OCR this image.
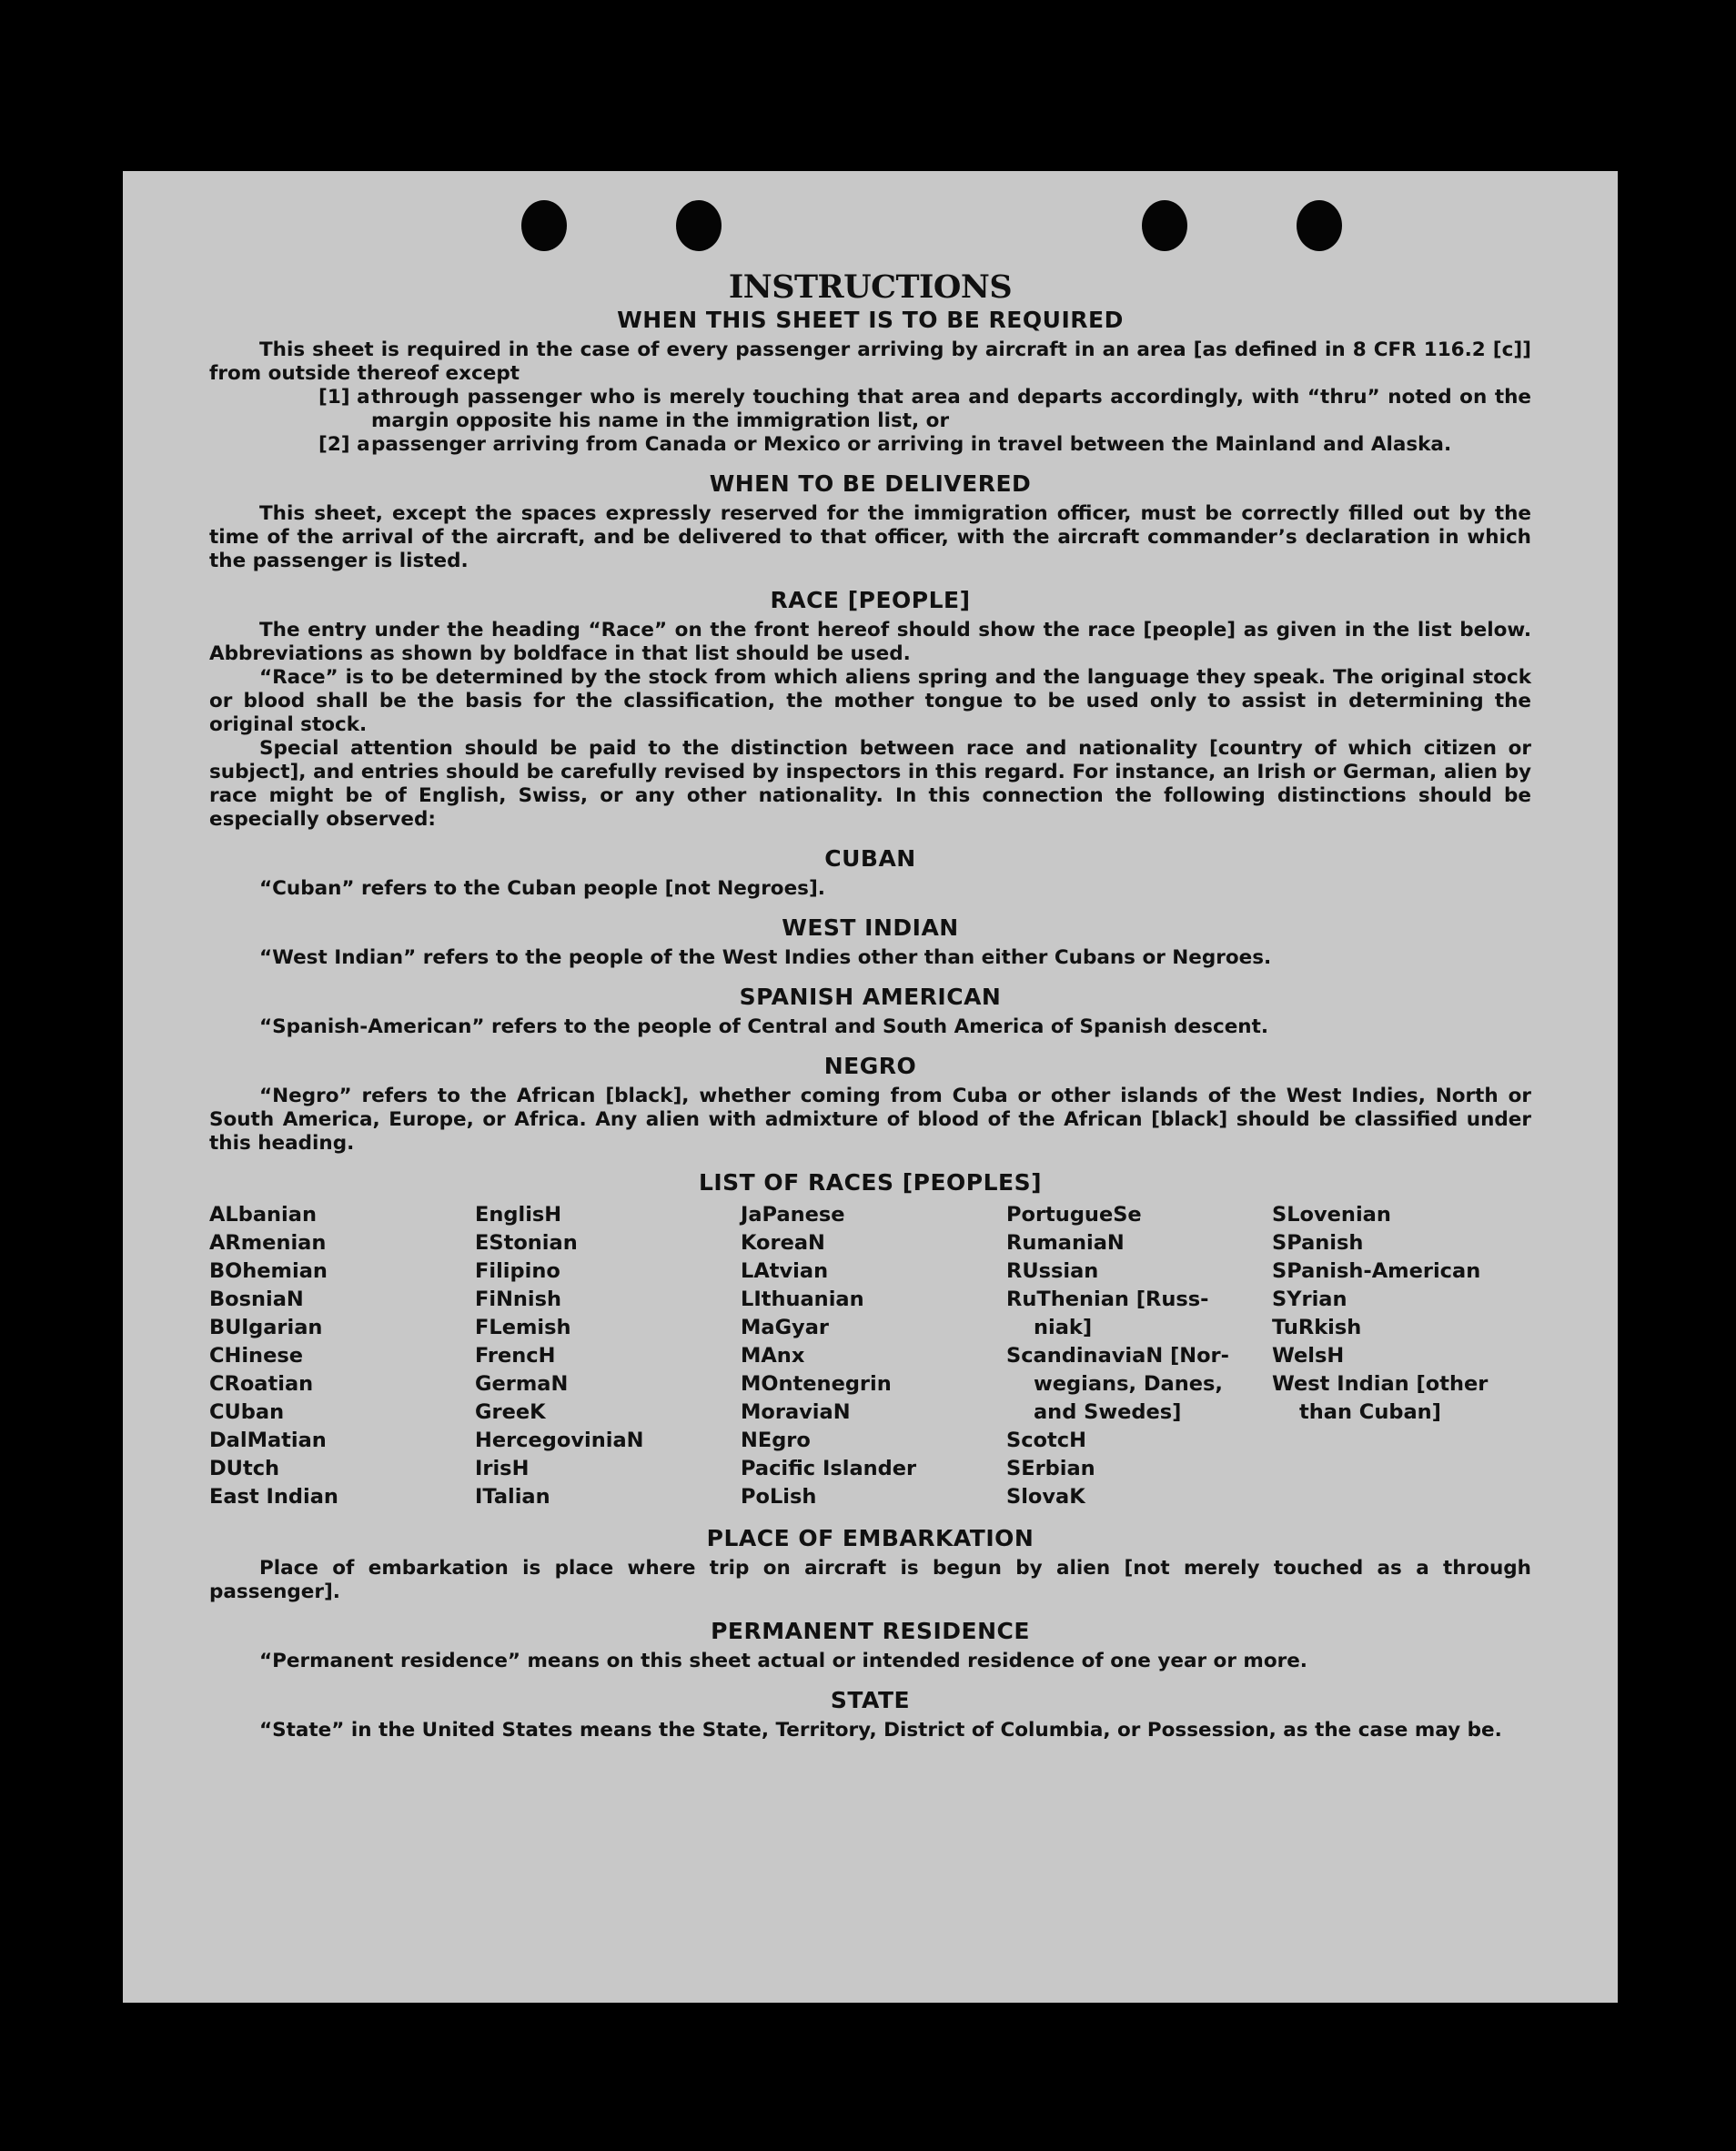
INSTRUCTIONS
WHEN THIS SHEET IS TO BE REQUIRED

This sheet is required in the case of every passenger arriving by aircraft in an area [as defined in 8 CFR 116.2 [c]] from outside thereof except

[1] a through passenger who is merely touching that area and departs accordingly, with “thru” noted on the margin opposite his name in the immigration list, or
[2] a passenger arriving from Canada or Mexico or arriving in travel between the Mainland and Alaska.
WHEN TO BE DELIVERED

This sheet, except the spaces expressly reserved for the immigration officer, must be correctly filled out by the time of the arrival of the aircraft, and be delivered to that officer, with the aircraft commander’s declaration in which the passenger is listed.

RACE [PEOPLE]

The entry under the heading “Race” on the front hereof should show the race [people] as given in the list below. Abbreviations as shown by boldface in that list should be used.

“Race” is to be determined by the stock from which aliens spring and the language they speak. The original stock or blood shall be the basis for the classification, the mother tongue to be used only to assist in determining the original stock.

Special attention should be paid to the distinction between race and nationality [country of which citizen or subject], and entries should be carefully revised by inspectors in this regard. For instance, an Irish or German, alien by race might be of English, Swiss, or any other nationality. In this connection the following distinctions should be especially observed:

CUBAN

“Cuban” refers to the Cuban people [not Negroes].

WEST INDIAN

“West Indian” refers to the people of the West Indies other than either Cubans or Negroes.

SPANISH AMERICAN

“Spanish-American” refers to the people of Central and South America of Spanish descent.

NEGRO

“Negro” refers to the African [black], whether coming from Cuba or other islands of the West Indies, North or South America, Europe, or Africa. Any alien with admixture of blood of the African [black] should be classified under this heading.

LIST OF RACES [PEOPLES]
ALbanian
ARmenian
BOhemian
BosniaN
BUlgarian
CHinese
CRoatian
CUban
DalMatian
DUtch
East Indian
EnglisH
EStonian
Filipino
FiNnish
FLemish
FrencH
GermaN
GreeK
HercegoviniaN
IrisH
ITalian
JaPanese
KoreaN
LAtvian
LIthuanian
MaGyar
MAnx
MOntenegrin
MoraviaN
NEgro
Pacific Islander
PoLish
PortugueSe
RumaniaN
RUssian
RuThenian [Russ-
niak]
ScandinaviaN [Nor-
wegians, Danes,
and Swedes]
ScotcH
SErbian
SlovaK
SLovenian
SPanish
SPanish-American
SYrian
TuRkish
WelsH
West Indian [other
than Cuban]
PLACE OF EMBARKATION

Place of embarkation is place where trip on aircraft is begun by alien [not merely touched as a through passenger].

PERMANENT RESIDENCE

“Permanent residence” means on this sheet actual or intended residence of one year or more.

STATE

“State” in the United States means the State, Territory, District of Columbia, or Possession, as the case may be.
